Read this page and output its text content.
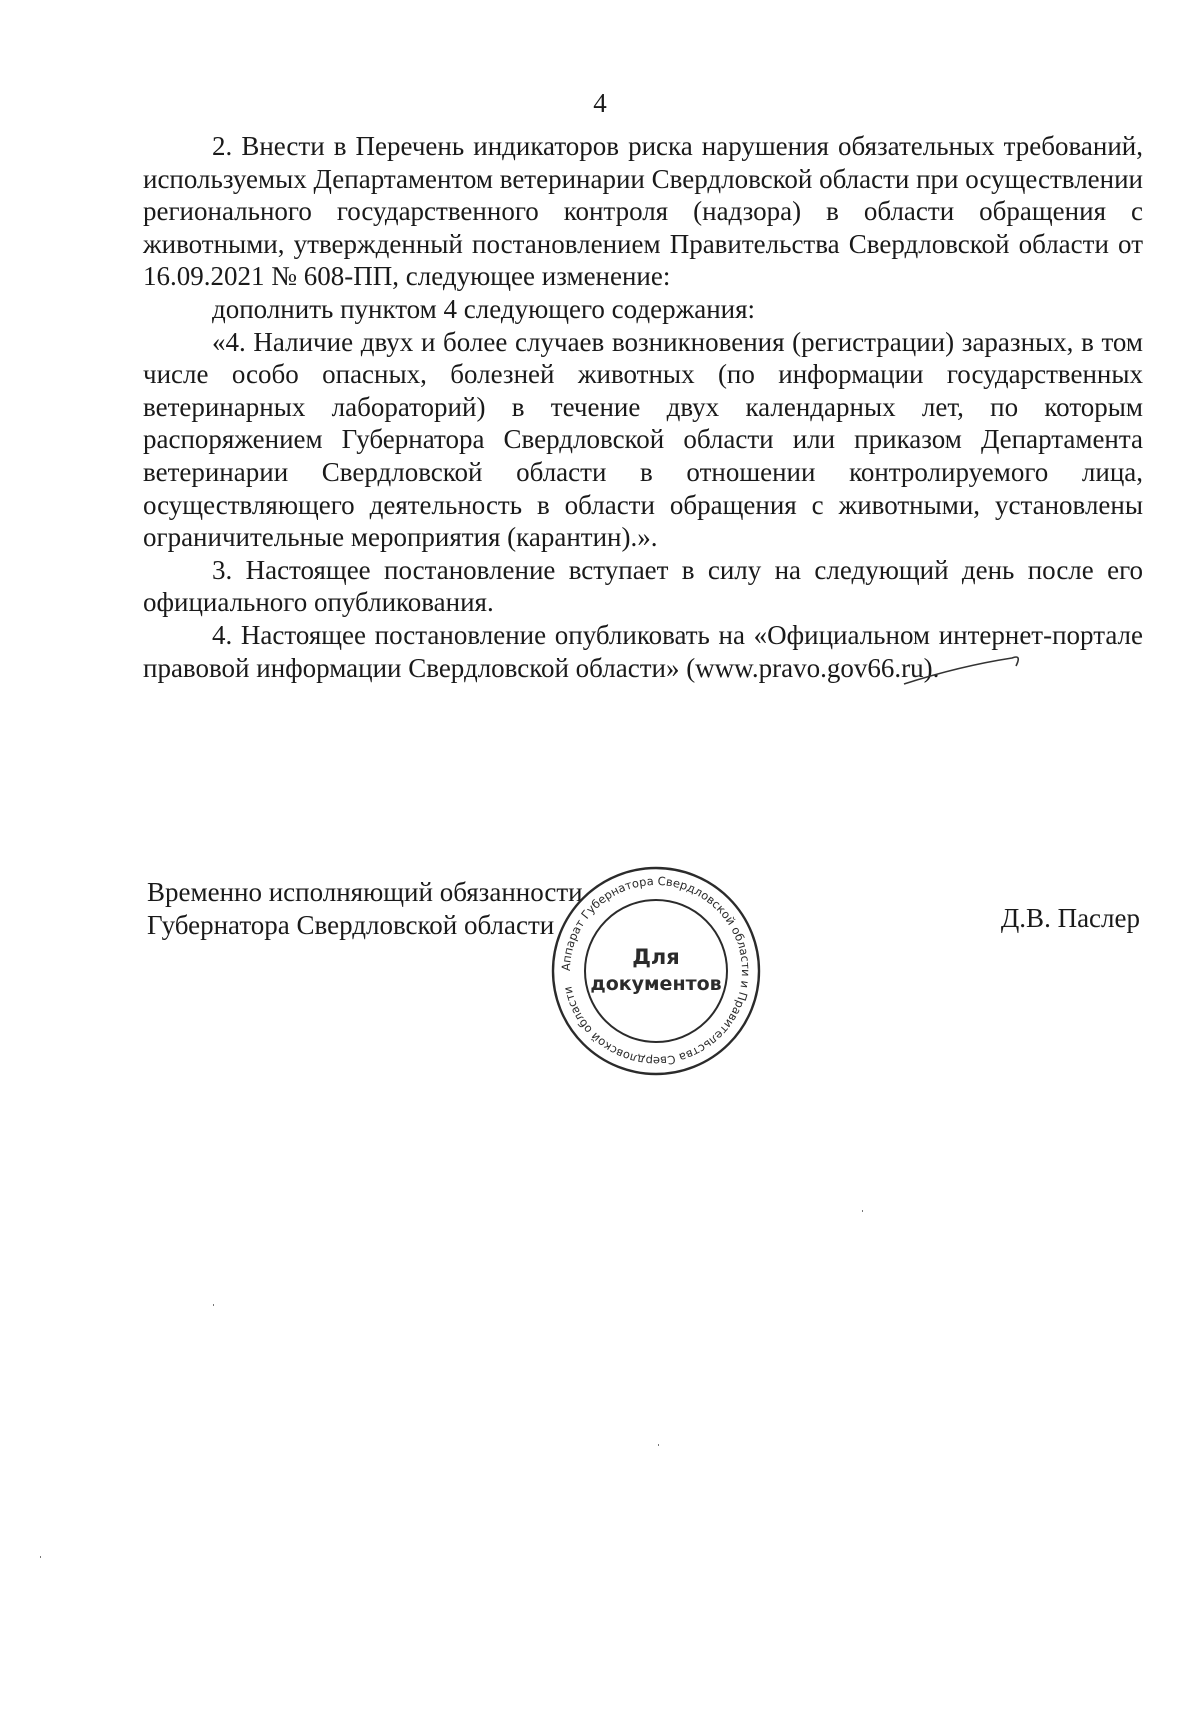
4

2. Внести в Перечень индикаторов риска нарушения обязательных требований, используемых Департаментом ветеринарии Свердловской области при осуществлении регионального государственного контроля (надзора) в области обращения с животными, утвержденный постановлением Правительства Свердловской области от 16.09.2021 № 608-ПП, следующее изменение:

дополнить пунктом 4 следующего содержания:

«4. Наличие двух и более случаев возникновения (регистрации) заразных, в том числе особо опасных, болезней животных (по информации государственных ветеринарных лабораторий) в течение двух календарных лет, по которым распоряжением Губернатора Свердловской области или приказом Департамента ветеринарии Свердловской области в отношении контролируемого лица, осуществляющего деятельность в области обращения с животными, установлены ограничительные мероприятия (карантин).».

3. Настоящее постановление вступает в силу на следующий день после его официального опубликования.

4. Настоящее постановление опубликовать на «Официальном интернет-портале правовой информации Свердловской области» (www.pravo.gov66.ru).

Временно исполняющий обязанности
Губернатора Свердловской области	Д.В. Паслер
Аппарат Губернатора Свердловской области и Правительства Свердловской области
Для
документов
